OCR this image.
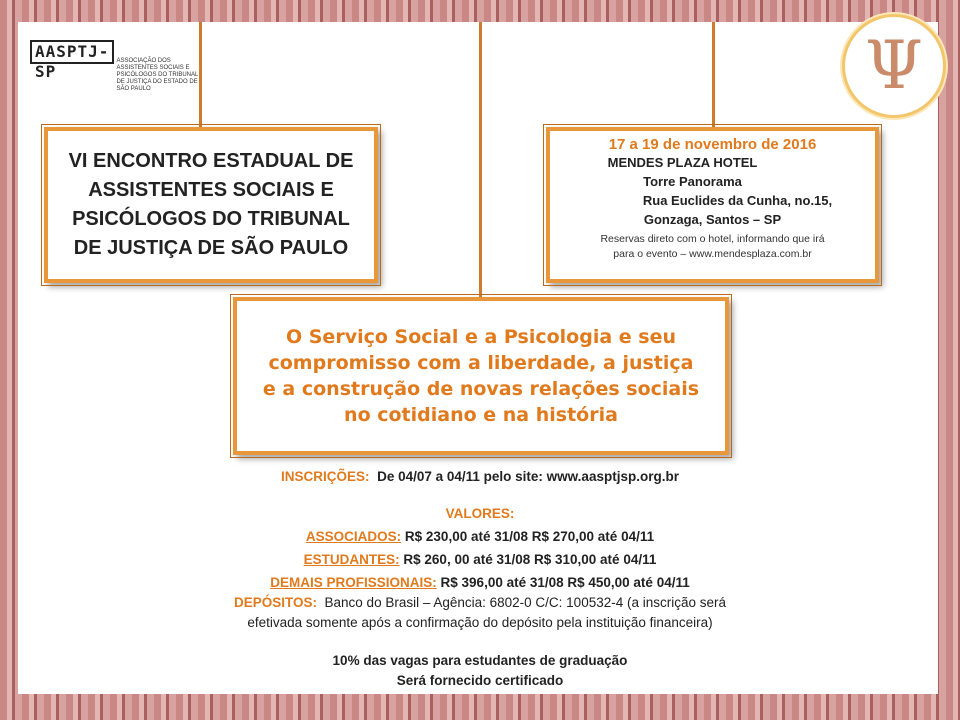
AASPTJ-SP
ASSOCIAÇÃO DOS ASSISTENTES SOCIAIS E PSICÓLOGOS DO TRIBUNAL DE JUSTIÇA DO ESTADO DE SÃO PAULO	Ψ
VI ENCONTRO ESTADUAL DE
ASSISTENTES SOCIAIS E
PSICÓLOGOS DO TRIBUNAL
DE JUSTIÇA DE SÃO PAULO
17 a 19 de novembro de 2016
MENDES PLAZA HOTEL
Torre Panorama
Rua Euclides da Cunha, no.15,
Gonzaga, Santos – SP
Reservas direto com o hotel, informando que irá
para o evento – www.mendesplaza.com.br
O Serviço Social e a Psicologia e seu
compromisso com a liberdade, a justiça
e a construção de novas relações sociais
no cotidiano e na história
INSCRIÇÕES: De 04/07 a 04/11 pelo site: www.aasptjsp.org.br
VALORES:
ASSOCIADOS: R$ 230,00 até 31/08 R$ 270,00 até 04/11
ESTUDANTES: R$ 260, 00 até 31/08 R$ 310,00 até 04/11
DEMAIS PROFISSIONAIS: R$ 396,00 até 31/08 R$ 450,00 até 04/11
DEPÓSITOS: Banco do Brasil – Agência: 6802-0 C/C: 100532-4 (a inscrição será
efetivada somente após a confirmação do depósito pela instituição financeira)
10% das vagas para estudantes de graduação
Será fornecido certificado
